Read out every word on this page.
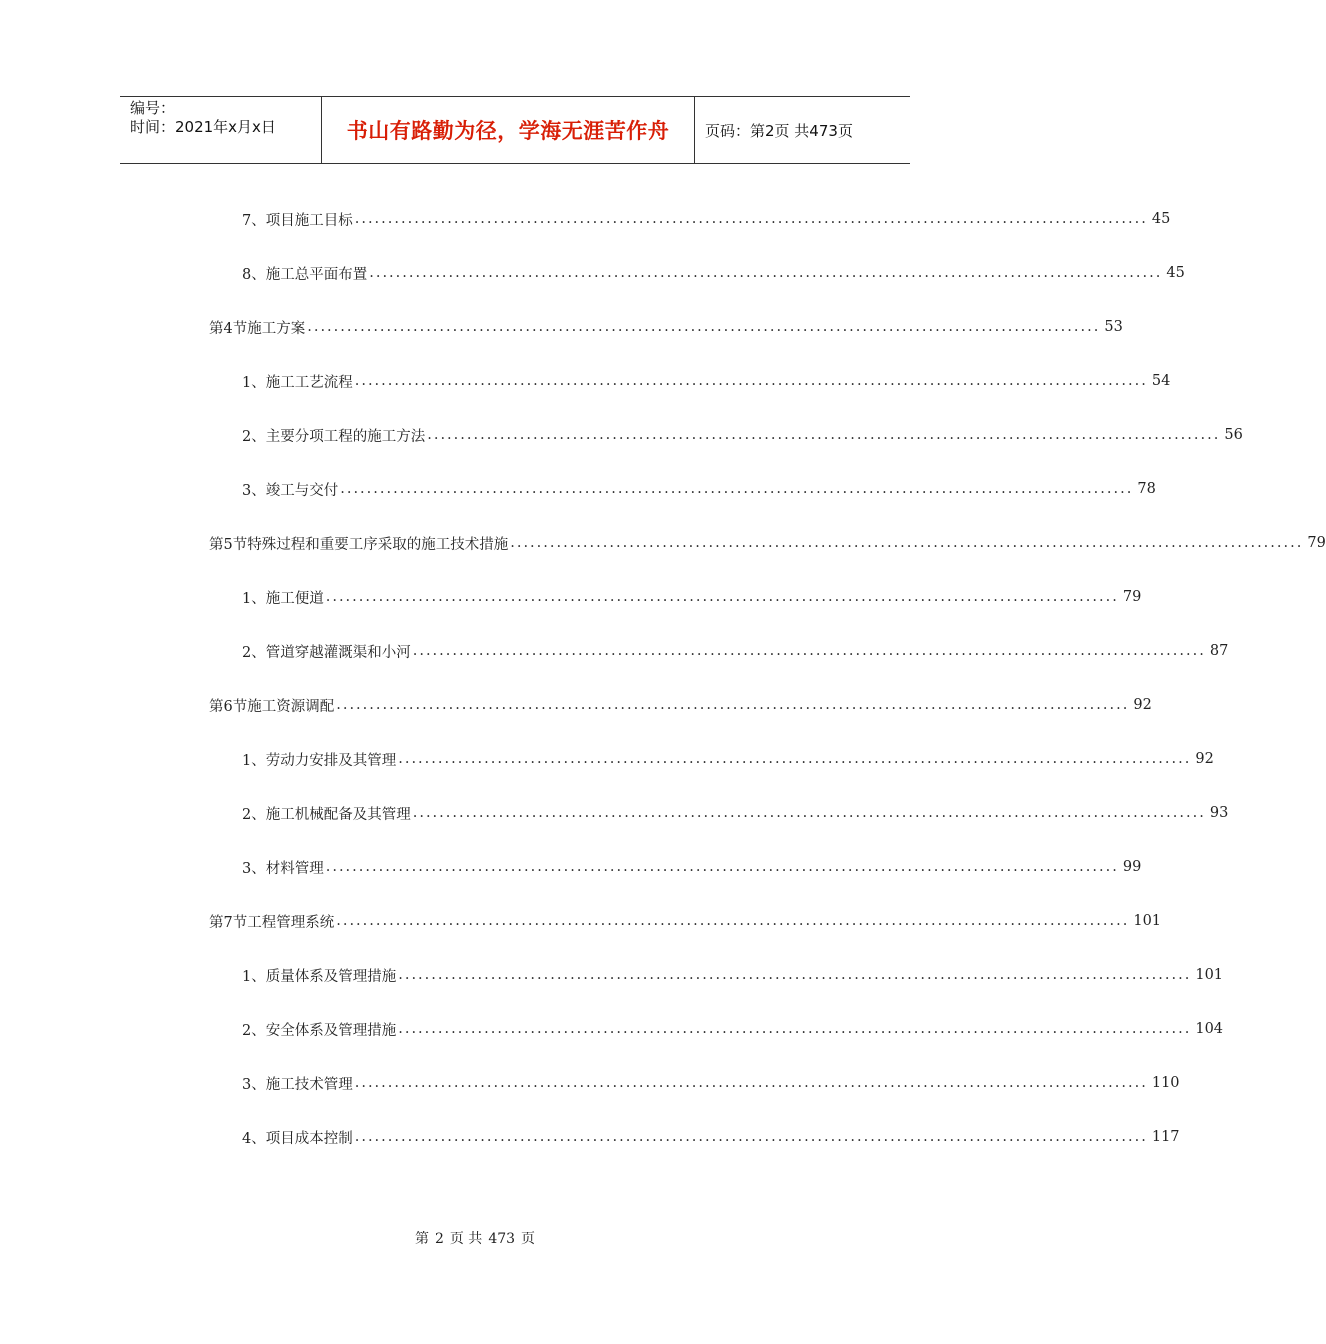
编号：
时间：2021年x月x日	书山有路勤为径，学海无涯苦作舟 页码：第2页 共473页
7、 项目施工目标 ........................................................................................................................ 45
8、 施工总平面布置 ........................................................................................................................ 45
第4节 施工方案 ........................................................................................................................ 53
1、 施工工艺流程 ........................................................................................................................ 54
2、 主要分项工程的施工方法 ........................................................................................................................ 56
3、 竣工与交付 ........................................................................................................................ 78
第5节 特殊过程和重要工序采取的施工技术措施 ........................................................................................................................ 79
1、 施工便道 ........................................................................................................................ 79
2、 管道穿越灌溉渠和小河 ........................................................................................................................ 87
第6节 施工资源调配 ........................................................................................................................ 92
1、 劳动力安排及其管理 ........................................................................................................................ 92
2、 施工机械配备及其管理 ........................................................................................................................ 93
3、 材料管理 ........................................................................................................................ 99
第7节 工程管理系统 ........................................................................................................................ 101
1、 质量体系及管理措施 ........................................................................................................................ 101
2、 安全体系及管理措施 ........................................................................................................................ 104
3、 施工技术管理 ........................................................................................................................ 110
4、 项目成本控制 ........................................................................................................................ 117
第 2 页 共 473 页
